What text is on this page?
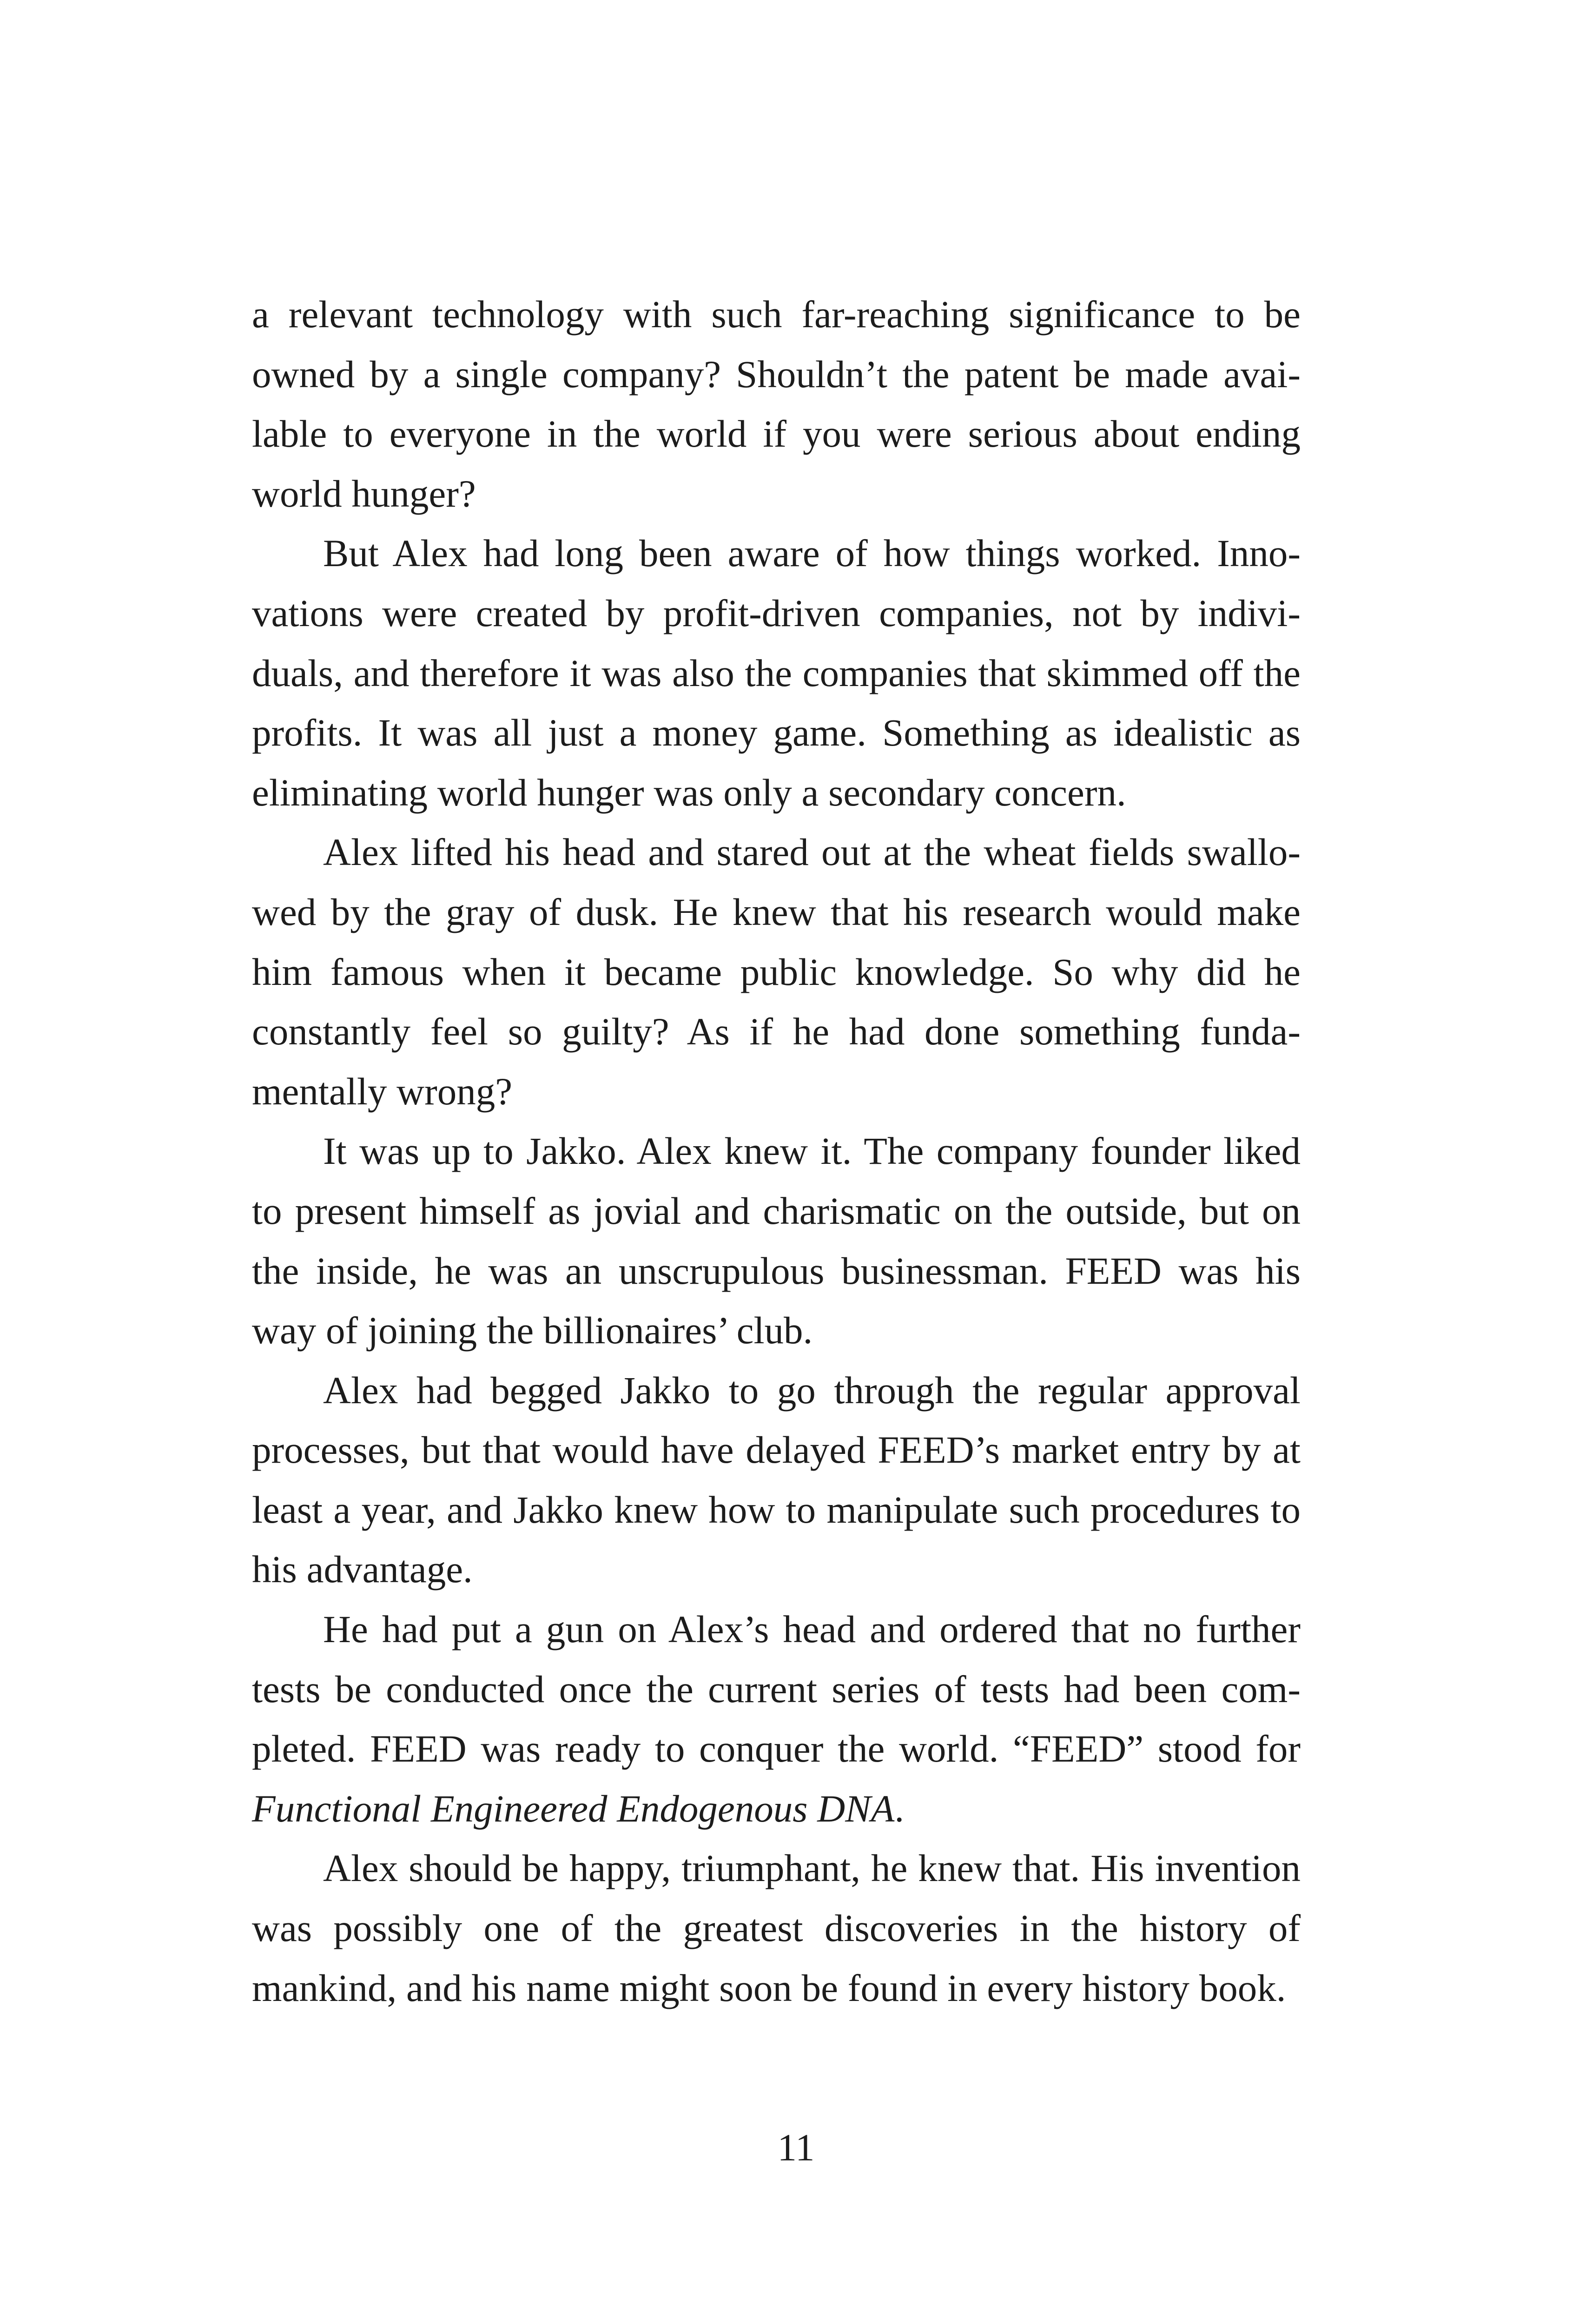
a relevant technology with such far-reaching significance to be owned by a single company? Shouldn’t the patent be made available to everyone in the world if you were serious about ending world hunger?

But Alex had long been aware of how things worked. Innovations were created by profit-driven companies, not by individuals, and therefore it was also the companies that skimmed off the profits. It was all just a money game. Something as idealistic as eliminating world hunger was only a secondary concern.

Alex lifted his head and stared out at the wheat fields swallowed by the gray of dusk. He knew that his research would make him famous when it became public knowledge. So why did he constantly feel so guilty? As if he had done something fundamentally wrong?

It was up to Jakko. Alex knew it. The company founder liked to present himself as jovial and charismatic on the outside, but on the inside, he was an unscrupulous businessman. FEED was his way of joining the billionaires’ club.

Alex had begged Jakko to go through the regular approval processes, but that would have delayed FEED’s market entry by at least a year, and Jakko knew how to manipulate such procedures to his advantage.

He had put a gun on Alex’s head and ordered that no further tests be conducted once the current series of tests had been completed. FEED was ready to conquer the world. “FEED” stood for Functional Engineered Endogenous DNA.

Alex should be happy, triumphant, he knew that. His invention was possibly one of the greatest discoveries in the history of mankind, and his name might soon be found in every history book.

11
